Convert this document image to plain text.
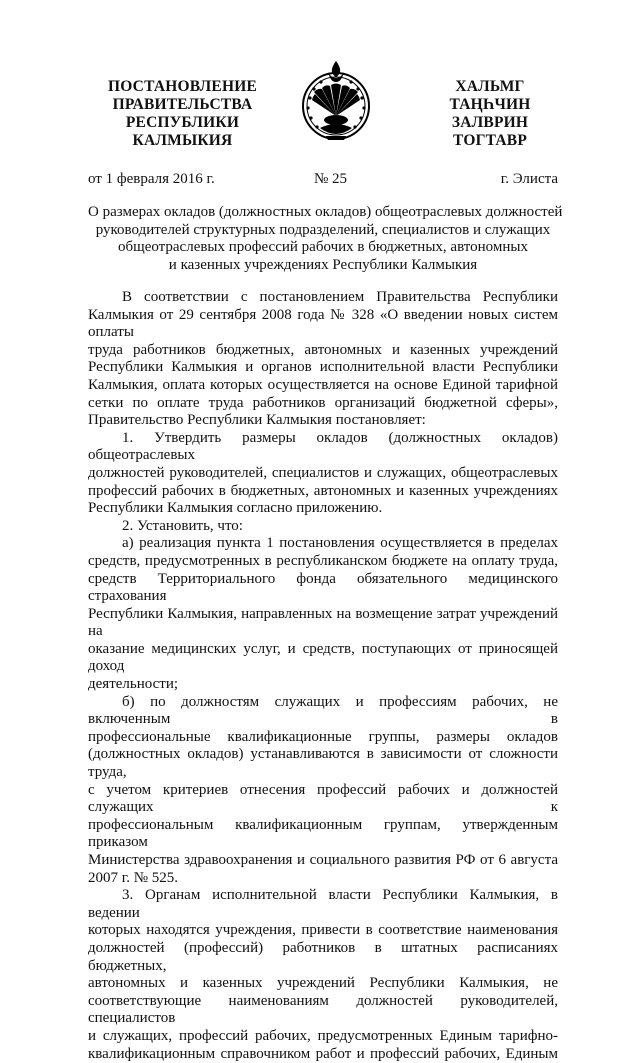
ПОСТАНОВЛЕНИЕ
ПРАВИТЕЛЬСТВА
РЕСПУБЛИКИ
КАЛМЫКИЯ
ХАЛЬМГ
ТАҢҺЧИН
ЗАЛВРИН
ТОГТАВР
от 1 февраля 2016 г.	№ 25	г. Элиста
О размерах окладов (должностных окладов) общеотраслевых должностей
руководителей структурных подразделений, специалистов и служащих
общеотраслевых профессий рабочих в бюджетных, автономных
и казенных учреждениях Республики Калмыкия

В соответствии с постановлением Правительства Республики

Калмыкия от 29 сентября 2008 года № 328 «О введении новых систем оплаты

труда работников бюджетных, автономных и казенных учреждений

Республики Калмыкия и органов исполнительной власти Республики

Калмыкия, оплата которых осуществляется на основе Единой тарифной

сетки по оплате труда работников организаций бюджетной сферы»,

Правительство Республики Калмыкия постановляет:

1. Утвердить размеры окладов (должностных окладов) общеотраслевых

должностей руководителей, специалистов и служащих, общеотраслевых

профессий рабочих в бюджетных, автономных и казенных учреждениях

Республики Калмыкия согласно приложению.

2. Установить, что:

а) реализация пункта 1 постановления осуществляется в пределах

средств, предусмотренных в республиканском бюджете на оплату труда,

средств Территориального фонда обязательного медицинского страхования

Республики Калмыкия, направленных на возмещение затрат учреждений на

оказание медицинских услуг, и средств, поступающих от приносящей доход

деятельности;

б) по должностям служащих и профессиям рабочих, не включенным в

профессиональные квалификационные группы, размеры окладов

(должностных окладов) устанавливаются в зависимости от сложности труда,

с учетом критериев отнесения профессий рабочих и должностей служащих к

профессиональным квалификационным группам, утвержденным приказом

Министерства здравоохранения и социального развития РФ от 6 августа

2007 г. № 525.

3. Органам исполнительной власти Республики Калмыкия, в ведении

которых находятся учреждения, привести в соответствие наименования

должностей (профессий) работников в штатных расписаниях бюджетных,

автономных и казенных учреждений Республики Калмыкия, не

соответствующие наименованиям должностей руководителей, специалистов

и служащих, профессий рабочих, предусмотренных Единым тарифно-

квалификационным справочником работ и профессий рабочих, Единым
